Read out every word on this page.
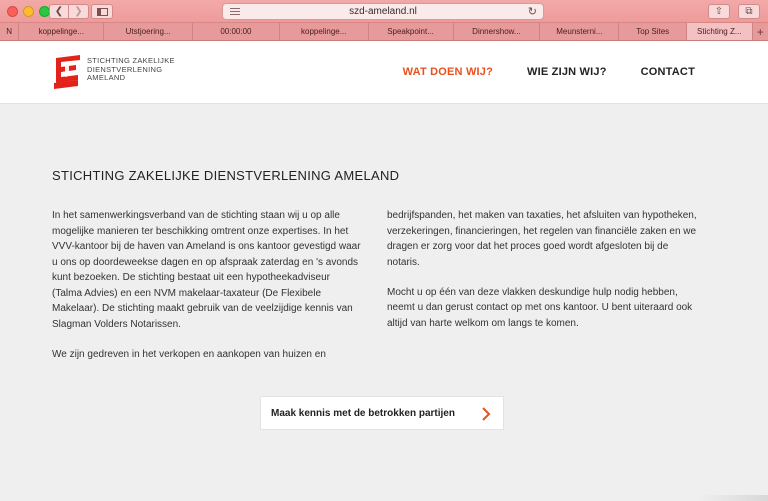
❮ ❯	szd-ameland.nl	↻	⇧ ⧉
N	koppelinge...	Utstjoering...	00:00:00	koppelinge...	Speakpoint...	Dinnershow...	Meunsterni...	Top Sites	Stichting Z...	+
STICHTING ZAKELIJKE
DIENSTVERLENING
AMELAND	WAT DOEN WIJ?	WIE ZIJN WIJ?	CONTACT
STICHTING ZAKELIJKE DIENSTVERLENING AMELAND

In het samenwerkingsverband van de stichting staan wij u op alle mogelijke manieren ter beschikking omtrent onze expertises. In het VVV-kantoor bij de haven van Ameland is ons kantoor gevestigd waar u ons op doordeweekse dagen en op afspraak zaterdag en 's avonds kunt bezoeken. De stichting bestaat uit een hypotheekadviseur (Talma Advies) en een NVM makelaar-taxateur (De Flexibele Makelaar). De stichting maakt gebruik van de veelzijdige kennis van Slagman Volders Notarissen.

We zijn gedreven in het verkopen en aankopen van huizen en

bedrijfspanden, het maken van taxaties, het afsluiten van hypotheken, verzekeringen, financieringen, het regelen van financiële zaken en we dragen er zorg voor dat het proces goed wordt afgesloten bij de notaris.

Mocht u op één van deze vlakken deskundige hulp nodig hebben, neemt u dan gerust contact op met ons kantoor. U bent uiteraard ook altijd van harte welkom om langs te komen.

Maak kennis met de betrokken partijen
